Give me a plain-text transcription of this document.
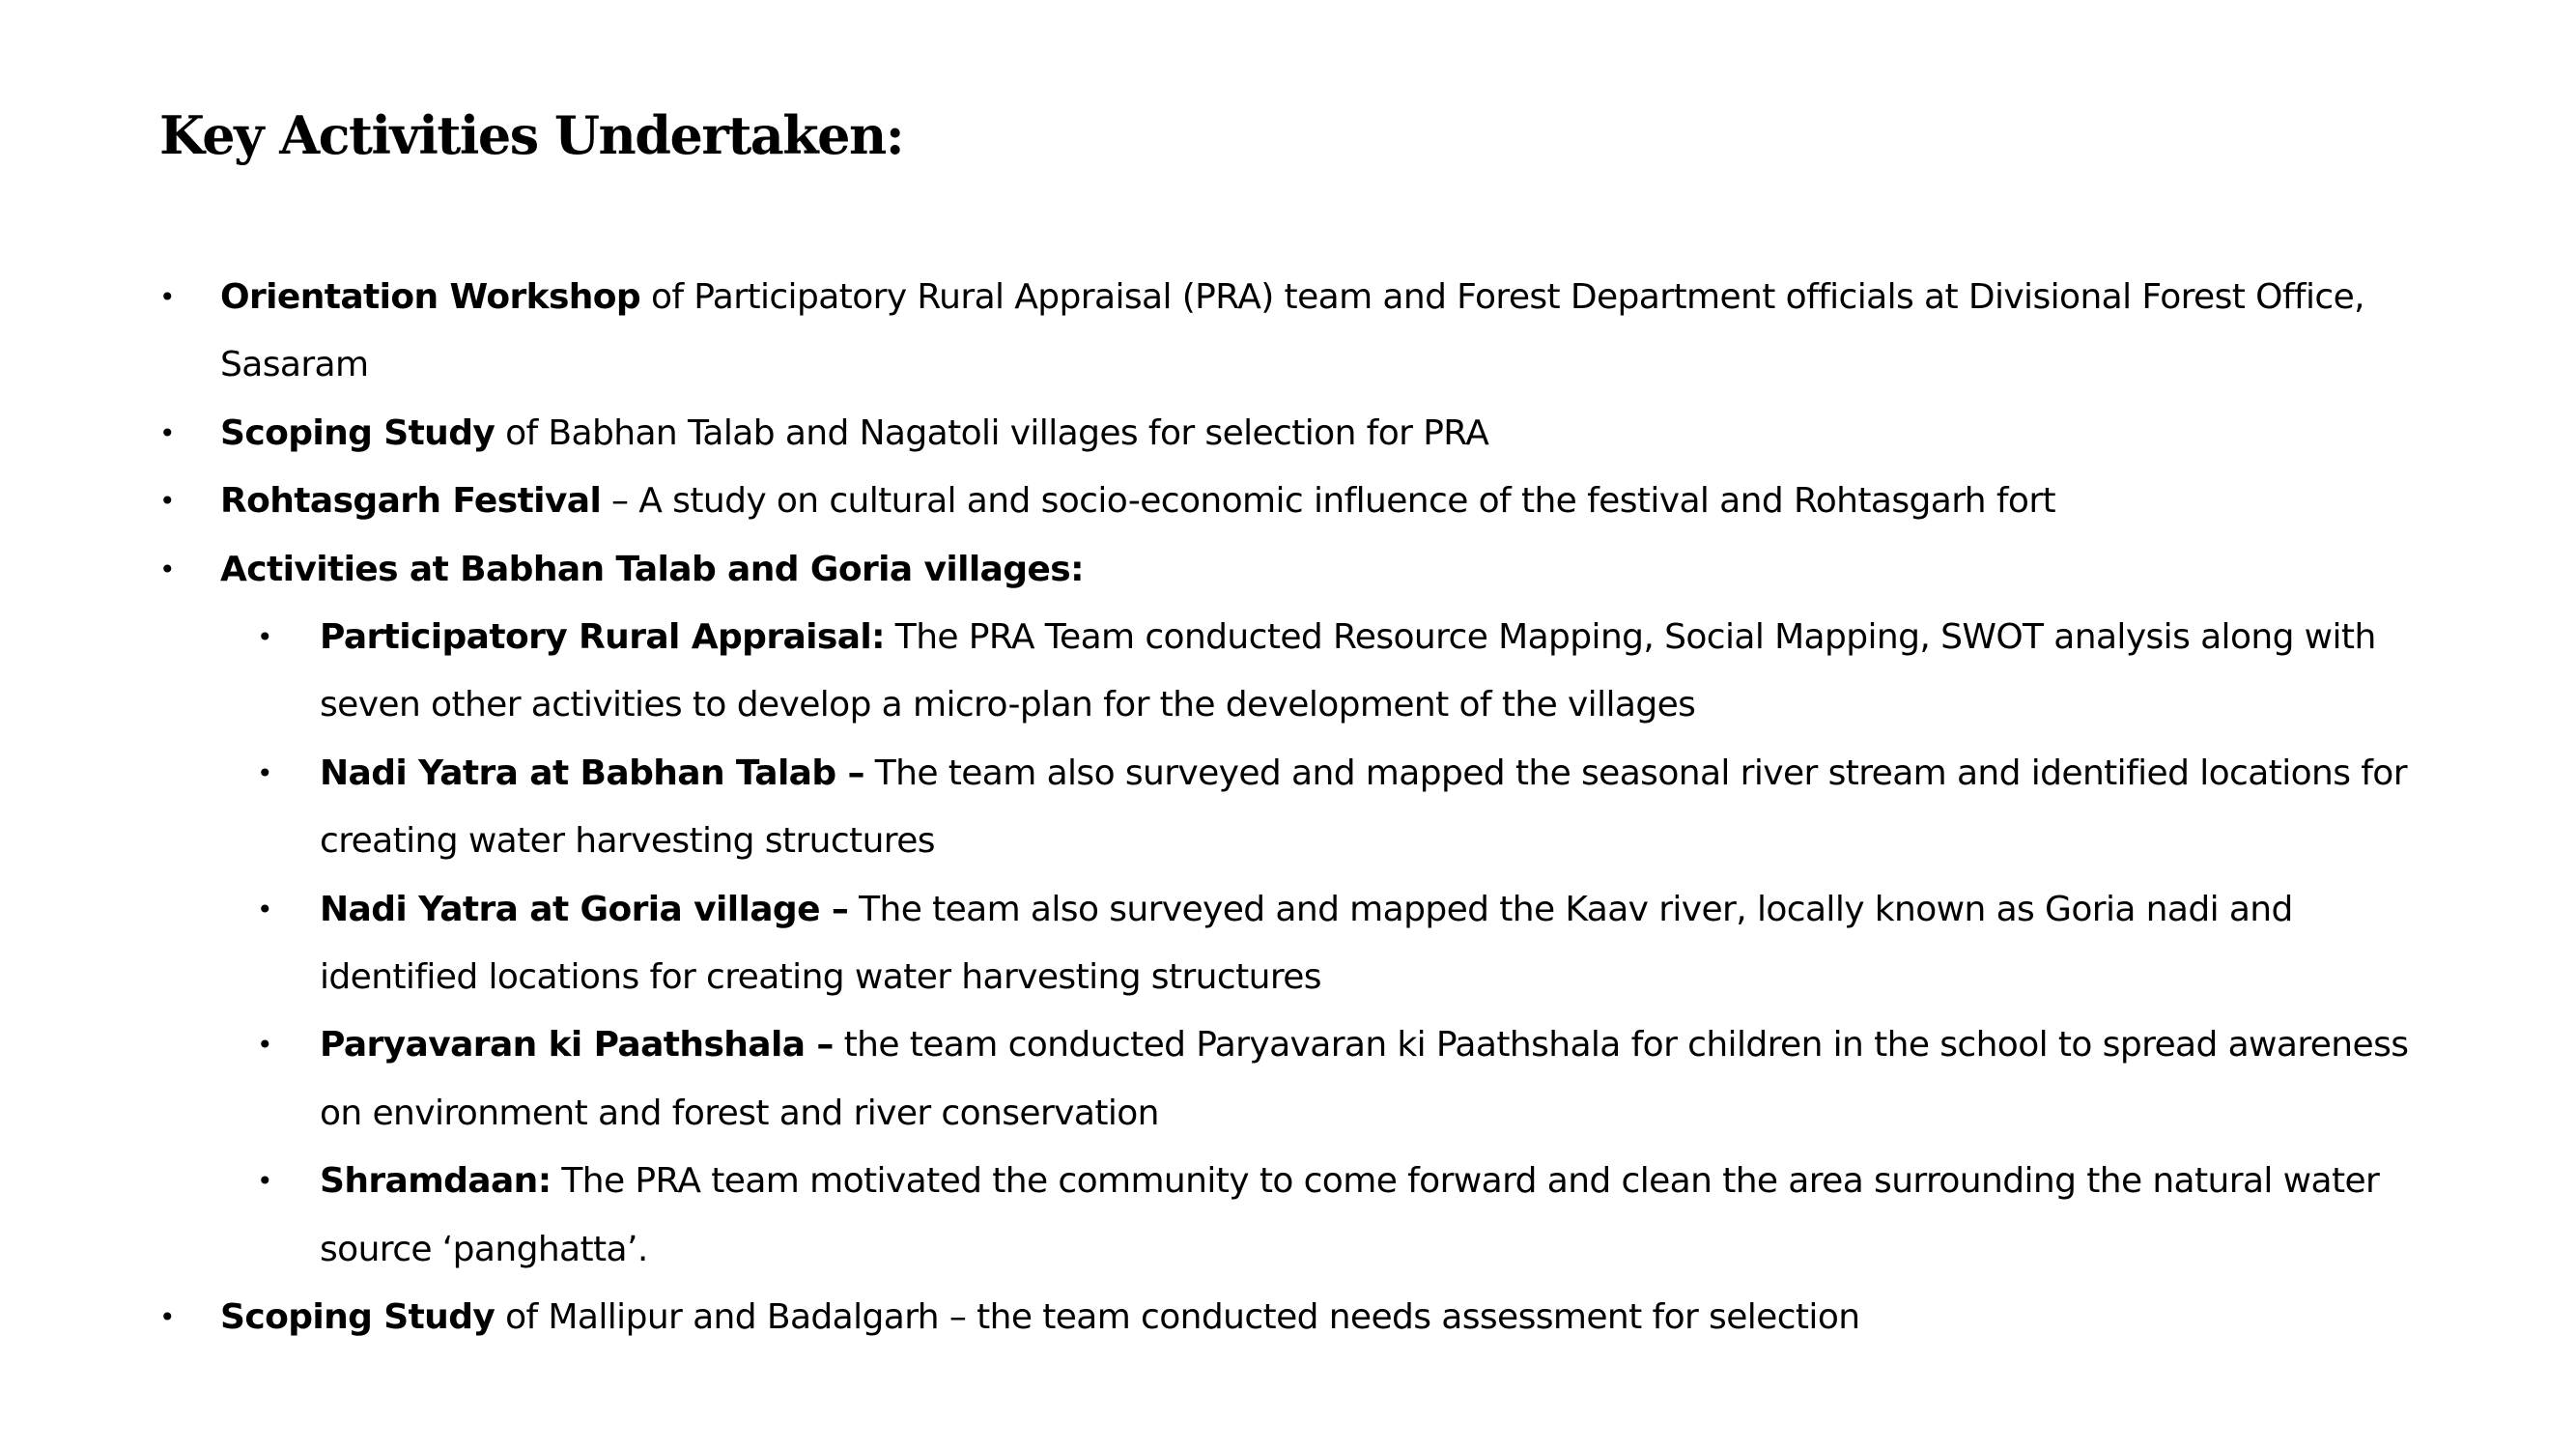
Key Activities Undertaken:
• Orientation Workshop of Participatory Rural Appraisal (PRA) team and Forest Department officials at Divisional Forest Office, Sasaram
• Scoping Study of Babhan Talab and Nagatoli villages for selection for PRA
• Rohtasgarh Festival – A study on cultural and socio-economic influence of the festival and Rohtasgarh fort
• Activities at Babhan Talab and Goria villages:
• Participatory Rural Appraisal: The PRA Team conducted Resource Mapping, Social Mapping, SWOT analysis along with seven other activities to develop a micro-plan for the development of the villages
• Nadi Yatra at Babhan Talab – The team also surveyed and mapped the seasonal river stream and identified locations for creating water harvesting structures
• Nadi Yatra at Goria village – The team also surveyed and mapped the Kaav river, locally known as Goria nadi and identified locations for creating water harvesting structures
• Paryavaran ki Paathshala – the team conducted Paryavaran ki Paathshala for children in the school to spread awareness on environment and forest and river conservation
• Shramdaan: The PRA team motivated the community to come forward and clean the area surrounding the natural water source ‘panghatta’.
• Scoping Study of Mallipur and Badalgarh – the team conducted needs assessment for selection
